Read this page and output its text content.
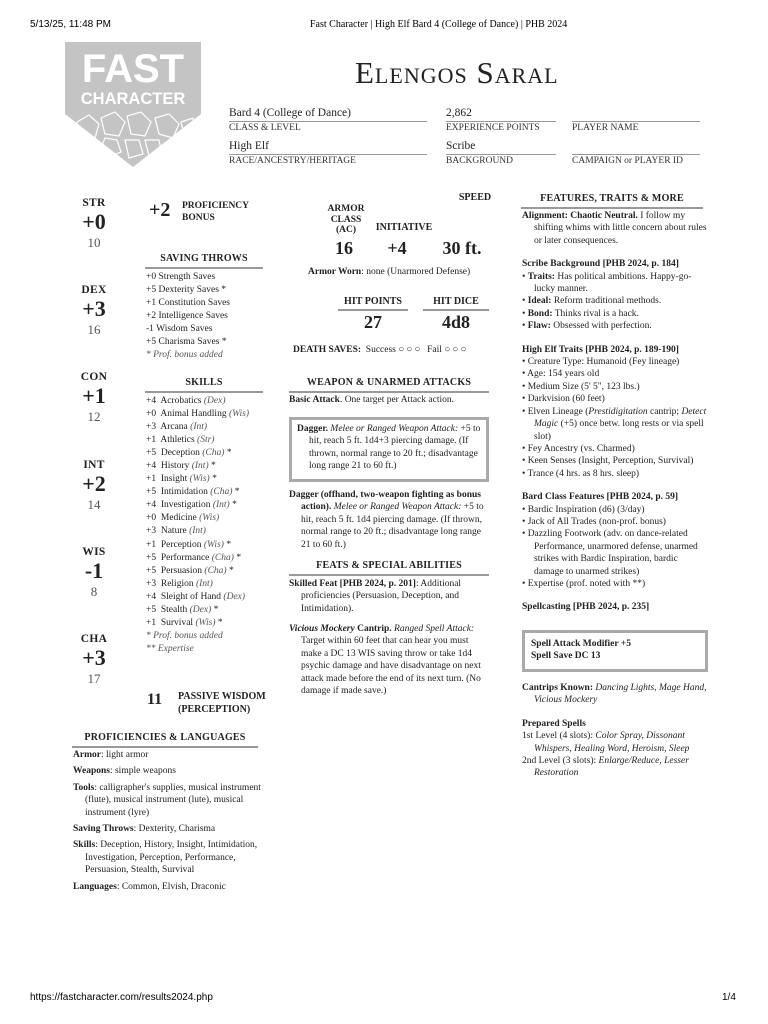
5/13/25, 11:48 PM	Fast Character | High Elf Bard 4 (College of Dance) | PHB 2024
FAST
CHARACTER
Elengos Saral
Bard 4 (College of Dance)
CLASS & LEVEL
2,862
EXPERIENCE POINTS	PLAYER NAME
High Elf
RACE/ANCESTRY/HERITAGE
Scribe
BACKGROUND	CAMPAIGN or PLAYER ID
STR
+0
10
DEX
+3
16
CON
+1
12
INT
+2
14
WIS
-1
8
CHA
+3
17
+2 PROFICIENCY
BONUS
SAVING THROWS
+0 Strength Saves
+5 Dexterity Saves *
+1 Constitution Saves
+2 Intelligence Saves
-1 Wisdom Saves
+5 Charisma Saves *
* Prof. bonus added
SKILLS
+4 Acrobatics (Dex)
+0 Animal Handling (Wis)
+3 Arcana (Int)
+1 Athletics (Str)
+5 Deception (Cha) *
+4 History (Int) *
+1 Insight (Wis) *
+5 Intimidation (Cha) *
+4 Investigation (Int) *
+0 Medicine (Wis)
+3 Nature (Int)
+1 Perception (Wis) *
+5 Performance (Cha) *
+5 Persuasion (Cha) *
+3 Religion (Int)
+4 Sleight of Hand (Dex)
+5 Stealth (Dex) *
+1 Survival (Wis) *
* Prof. bonus added
** Expertise
11 PASSIVE WISDOM
(PERCEPTION)
PROFICIENCIES & LANGUAGES
Armor: light armor
Weapons: simple weapons
Tools: calligrapher's supplies, musical instrument (flute), musical instrument (lute), musical instrument (lyre)
Saving Throws: Dexterity, Charisma
Skills: Deception, History, Insight, Intimidation, Investigation, Perception, Performance, Persuasion, Stealth, Survival
Languages: Common, Elvish, Draconic
SPEED
ARMOR CLASS (AC)	INITIATIVE
16	+4	30 ft.
Armor Worn: none (Unarmored Defense)
HIT POINTS
27
HIT DICE
4d8
DEATH SAVES: Success ○○○ Fail ○○○
WEAPON & UNARMED ATTACKS
Basic Attack. One target per Attack action.
Dagger. Melee or Ranged Weapon Attack: +5 to hit, reach 5 ft. 1d4+3 piercing damage. (If thrown, normal range to 20 ft.; disadvantage long range 21 to 60 ft.)
Dagger (offhand, two-weapon fighting as bonus action). Melee or Ranged Weapon Attack: +5 to hit, reach 5 ft. 1d4 piercing damage. (If thrown, normal range to 20 ft.; disadvantage long range 21 to 60 ft.)
FEATS & SPECIAL ABILITIES
Skilled Feat [PHB 2024, p. 201]: Additional proficiencies (Persuasion, Deception, and Intimidation).
Vicious Mockery Cantrip. Ranged Spell Attack: Target within 60 feet that can hear you must make a DC 13 WIS saving throw or take 1d4 psychic damage and have disadvantage on next attack made before the end of its next turn. (No damage if made save.)
FEATURES, TRAITS & MORE
Alignment: Chaotic Neutral. I follow my shifting whims with little concern about rules or later consequences.
Scribe Background [PHB 2024, p. 184]
• Traits: Has political ambitions. Happy-go-lucky manner.
• Ideal: Reform traditional methods.
• Bond: Thinks rival is a hack.
• Flaw: Obsessed with perfection.
High Elf Traits [PHB 2024, p. 189-190]
• Creature Type: Humanoid (Fey lineage)
• Age: 154 years old
• Medium Size (5' 5", 123 lbs.)
• Darkvision (60 feet)
• Elven Lineage (Prestidigitation cantrip; Detect Magic (+5) once betw. long rests or via spell slot)
• Fey Ancestry (vs. Charmed)
• Keen Senses (Insight, Perception, Survival)
• Trance (4 hrs. as 8 hrs. sleep)
Bard Class Features [PHB 2024, p. 59]
• Bardic Inspiration (d6) (3/day)
• Jack of All Trades (non-prof. bonus)
• Dazzling Footwork (adv. on dance-related Performance, unarmored defense, unarmed strikes with Bardic Inspiration, bardic damage to unarmed strikes)
• Expertise (prof. noted with **)
Spellcasting [PHB 2024, p. 235]
Spell Attack Modifier +5
Spell Save DC 13
Cantrips Known: Dancing Lights, Mage Hand, Vicious Mockery
Prepared Spells
1st Level (4 slots): Color Spray, Dissonant Whispers, Healing Word, Heroism, Sleep
2nd Level (3 slots): Enlarge/Reduce, Lesser Restoration
https://fastcharacter.com/results2024.php	1/4
